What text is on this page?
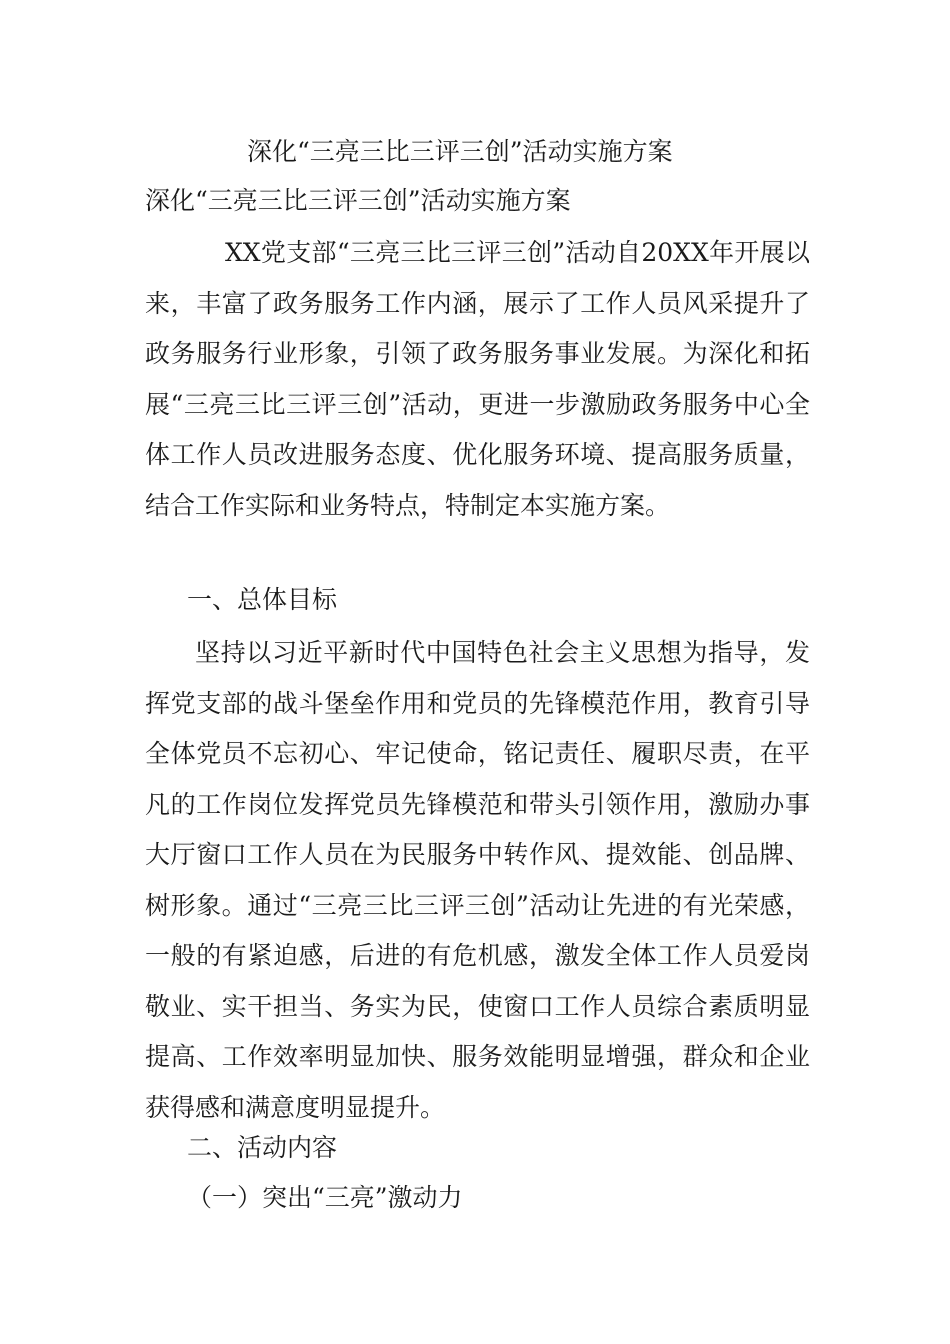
深化“三亮三比三评三创”活动实施方案
深化“三亮三比三评三创”活动实施方案

XX党支部“三亮三比三评三创”活动自20XX年开展以来，丰富了政务服务工作内涵，展示了工作人员风采提升了政务服务行业形象，引领了政务服务事业发展。为深化和拓展“三亮三比三评三创”活动，更进一步激励政务服务中心全体工作人员改进服务态度、优化服务环境、提高服务质量，结合工作实际和业务特点，特制定本实施方案。

一、总体目标

坚持以习近平新时代中国特色社会主义思想为指导，发挥党支部的战斗堡垒作用和党员的先锋模范作用，教育引导全体党员不忘初心、牢记使命，铭记责任、履职尽责，在平凡的工作岗位发挥党员先锋模范和带头引领作用，激励办事大厅窗口工作人员在为民服务中转作风、提效能、创品牌、树形象。通过“三亮三比三评三创”活动让先进的有光荣感，一般的有紧迫感，后进的有危机感，激发全体工作人员爱岗敬业、实干担当、务实为民，使窗口工作人员综合素质明显提高、工作效率明显加快、服务效能明显增强，群众和企业获得感和满意度明显提升。

二、活动内容
（一）突出“三亮”激动力
